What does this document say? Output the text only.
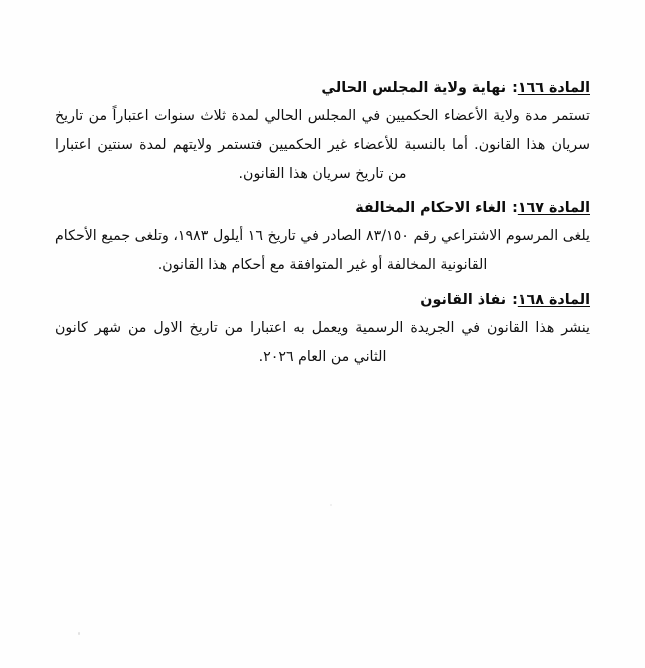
المادة ١٦٦:نهاية ولاية المجلس الحالي

تستمر مدة ولاية الأعضاء الحكميين في المجلس الحالي لمدة ثلاث سنوات اعتباراً من تاريخ سريان هذا القانون. أما بالنسبة للأعضاء غير الحكميين فتستمر ولايتهم لمدة سنتين اعتبارا من تاريخ سريان هذا القانون.

المادة ١٦٧:الغاء الاحكام المخالفة

يلغى المرسوم الاشتراعي رقم ٨٣/١٥٠ الصادر في تاريخ ١٦ أيلول ١٩٨٣، وتلغى جميع الأحكام القانونية المخالفة أو غير المتوافقة مع أحكام هذا القانون.

المادة ١٦٨:نفاذ القانون

ينشر هذا القانون في الجريدة الرسمية ويعمل به اعتبارا من تاريخ الاول من شهر كانون الثاني من العام ٢٠٢٦.
